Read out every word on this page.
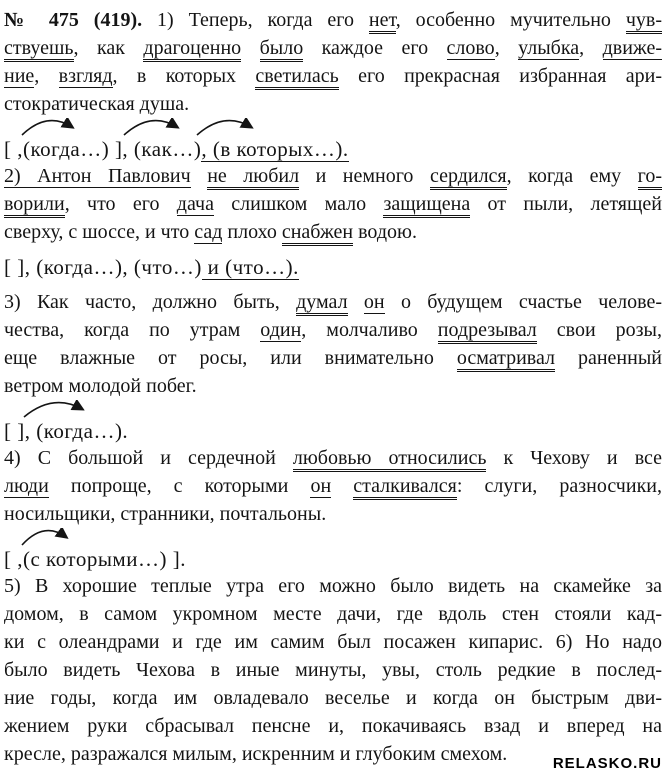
№ 475 (419). 1) Теперь, когда его нет, особенно мучительно чув-
ствуешь, как драгоценно было каждое его слово, улыбка, движе-
ние, взгляд, в которых светилась его прекрасная избранная ари-
стократическая душа.
[ ,(когда…) ], (как…), (в которых…).
2) Антон Павлович не любил и немного сердился, когда ему го-
ворили, что его дача слишком мало защищена от пыли, летящей
сверху, с шоссе, и что сад плохо снабжен водою.
[ ], (когда…), (что…) и (что…).
3) Как часто, должно быть, думал он о будущем счастье челове-
чества, когда по утрам один, молчаливо подрезывал свои розы,
еще влажные от росы, или внимательно осматривал раненный
ветром молодой побег.
[ ], (когда…).
4) С большой и сердечной любовью относились к Чехову и все
люди попроще, с которыми он сталкивался: слуги, разносчики,
носильщики, странники, почтальоны.
[ ,(с которыми…) ].
5) В хорошие теплые утра его можно было видеть на скамейке за
домом, в самом укромном месте дачи, где вдоль стен стояли кад-
ки с олеандрами и где им самим был посажен кипарис. 6) Но надо
было видеть Чехова в иные минуты, увы, столь редкие в послед-
ние годы, когда им овладевало веселье и когда он быстрым дви-
жением руки сбрасывал пенсне и, покачиваясь взад и вперед на
кресле, разражался милым, искренним и глубоким смехом.	RELASKO.RU
